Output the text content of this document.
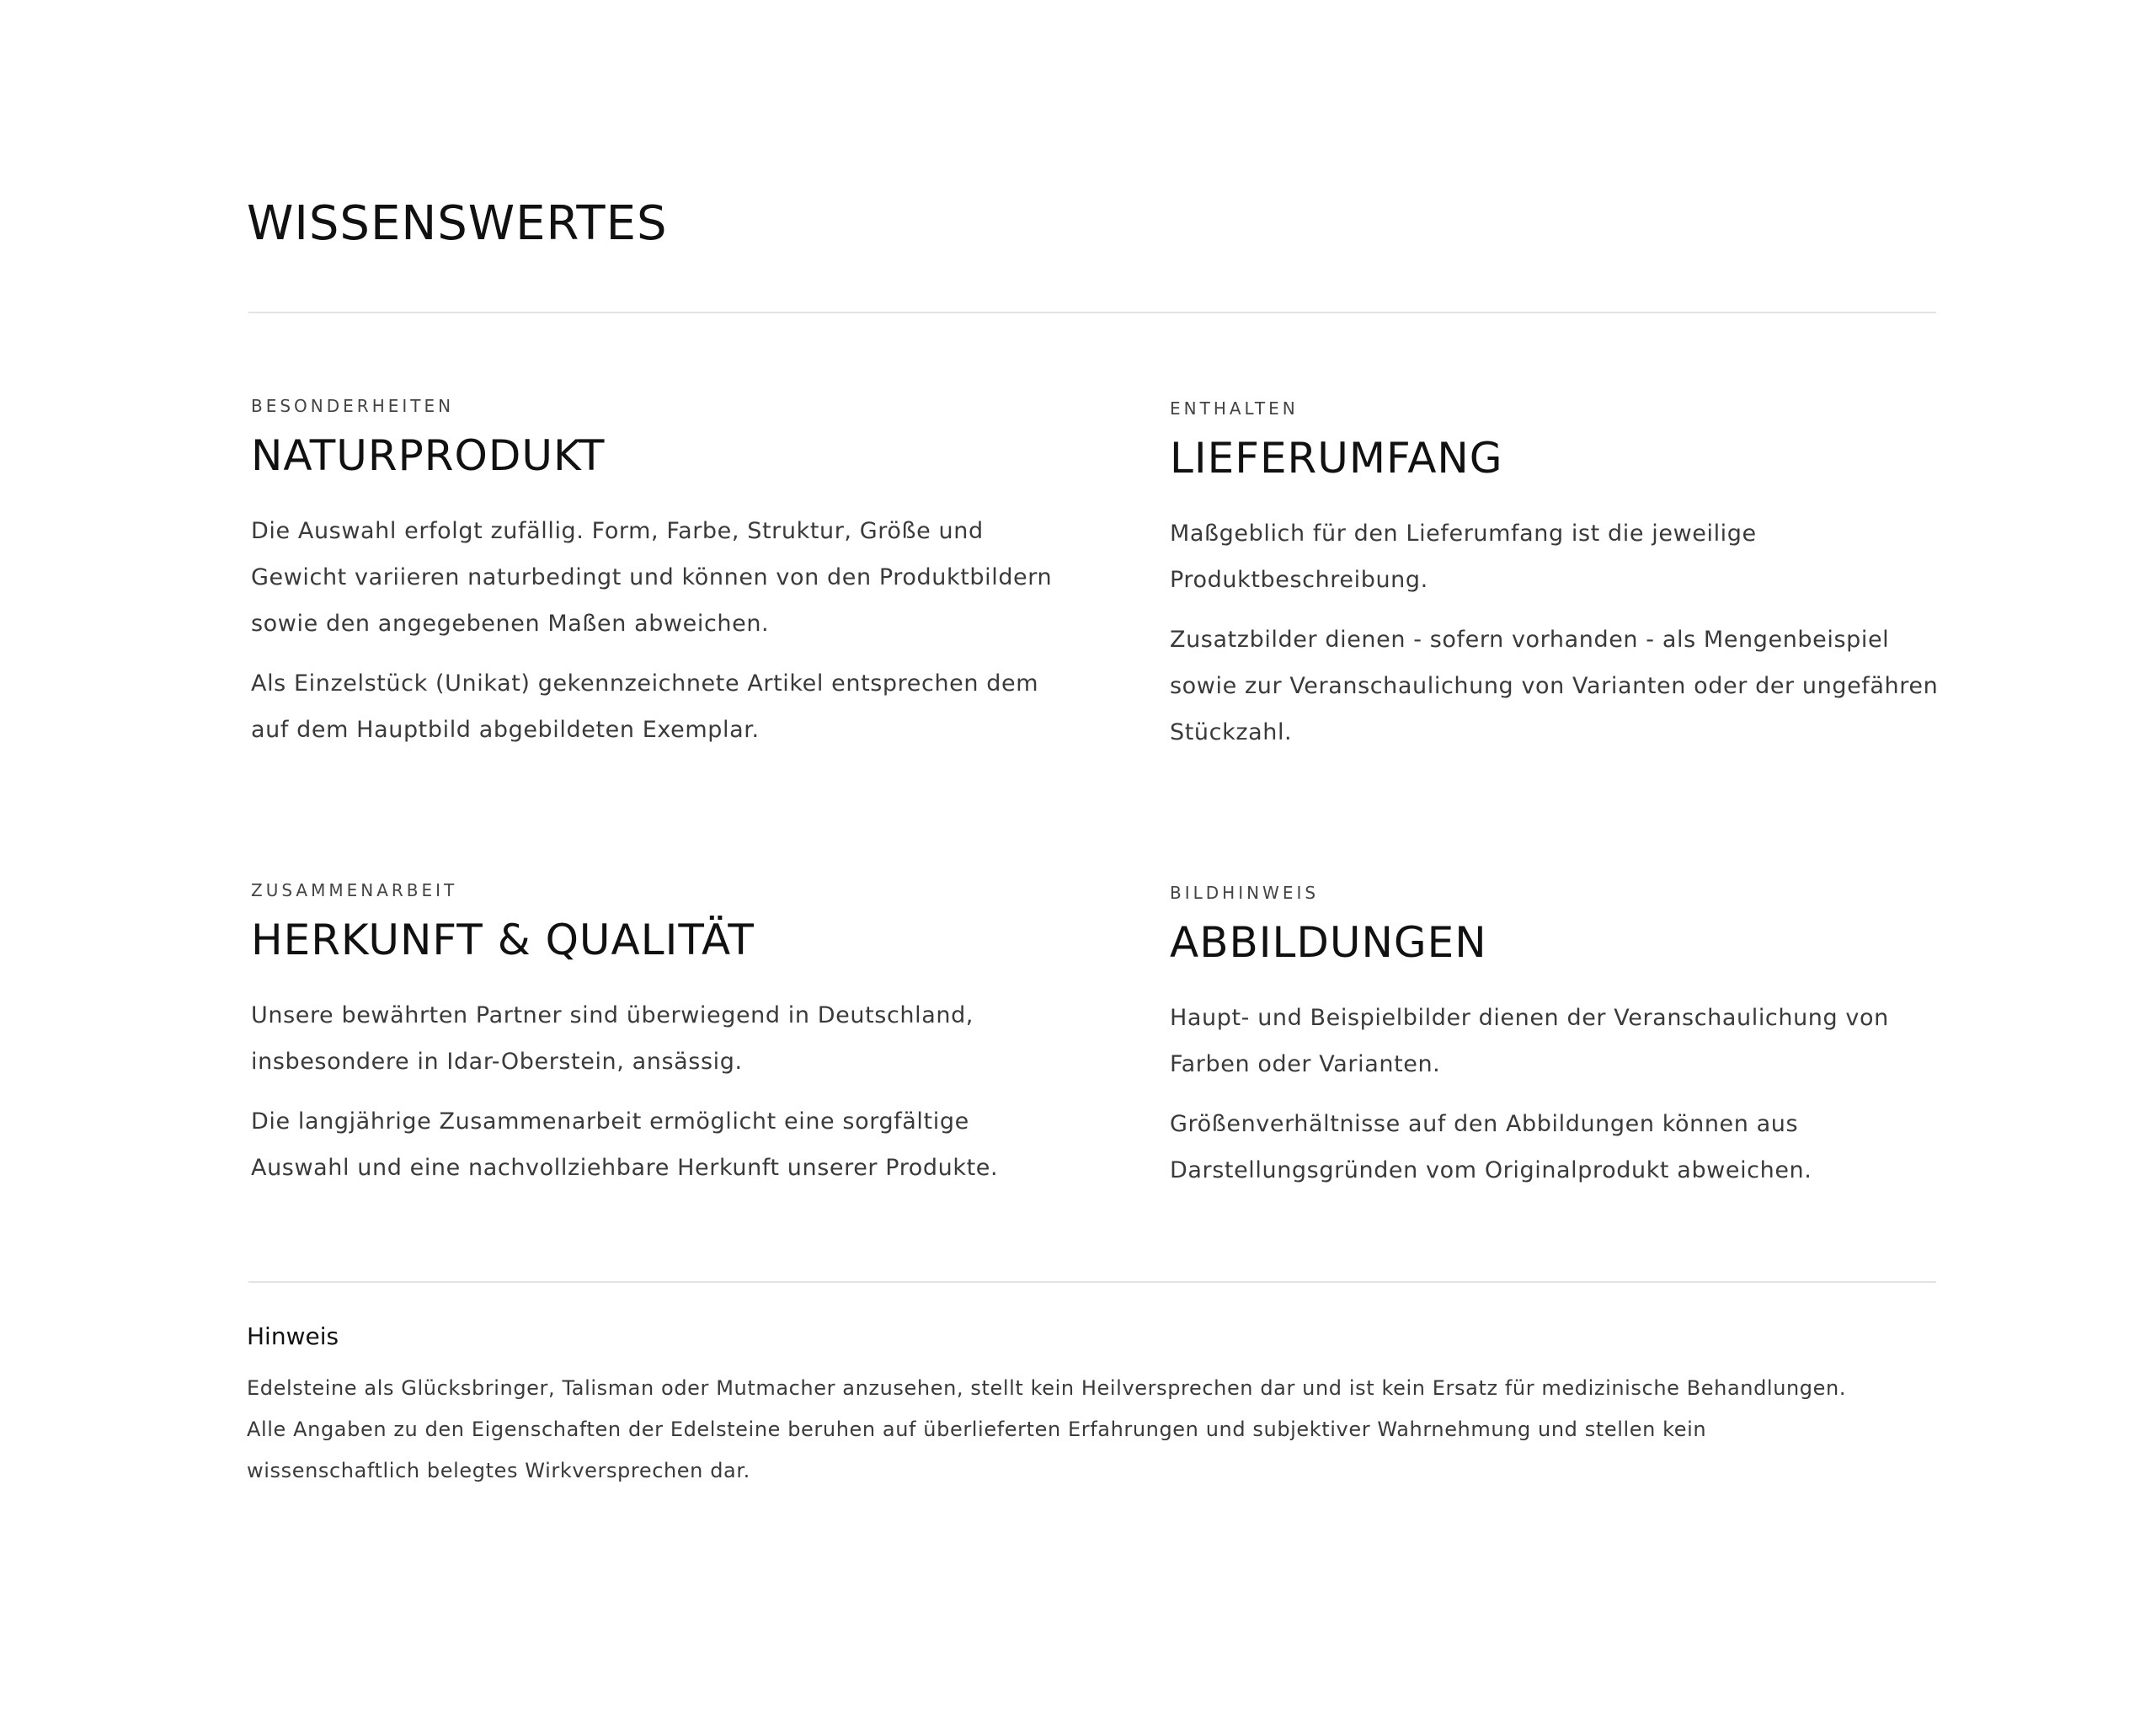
WISSENSWERTES
BESONDERHEITEN
NATURPRODUKT

Die Auswahl erfolgt zufällig. Form, Farbe, Struktur, Größe und Gewicht variieren naturbedingt und können von den Produktbildern sowie den angegebenen Maßen abweichen.

Als Einzelstück (Unikat) gekennzeichnete Artikel entsprechen dem auf dem Hauptbild abgebildeten Exemplar.

ENTHALTEN
LIEFERUMFANG

Maßgeblich für den Lieferumfang ist die jeweilige Produktbeschreibung.

Zusatzbilder dienen - sofern vorhanden - als Mengenbeispiel sowie zur Veranschaulichung von Varianten oder der ungefähren Stückzahl.

ZUSAMMENARBEIT
HERKUNFT & QUALITÄT

Unsere bewährten Partner sind überwiegend in Deutschland, insbesondere in Idar-Oberstein, ansässig.

Die langjährige Zusammenarbeit ermöglicht eine sorgfältige Auswahl und eine nachvollziehbare Herkunft unserer Produkte.

BILDHINWEIS
ABBILDUNGEN

Haupt- und Beispielbilder dienen der Veranschaulichung von Farben oder Varianten.

Größenverhältnisse auf den Abbildungen können aus Darstellungsgründen vom Originalprodukt abweichen.

Hinweis

Edelsteine als Glücksbringer, Talisman oder Mutmacher anzusehen, stellt kein Heilversprechen dar und ist kein Ersatz für medizinische Behandlungen.
Alle Angaben zu den Eigenschaften der Edelsteine beruhen auf überlieferten Erfahrungen und subjektiver Wahrnehmung und stellen kein
wissenschaftlich belegtes Wirkversprechen dar.
